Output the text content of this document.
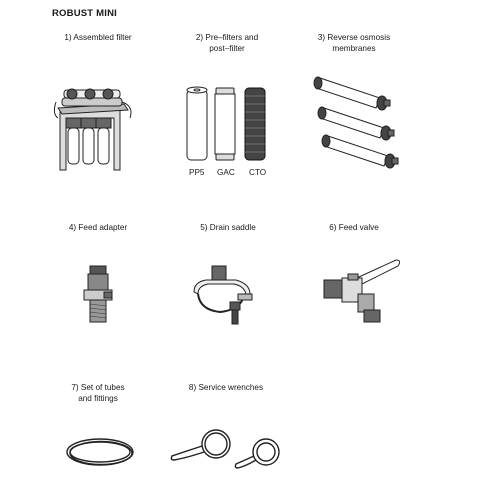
ROBUST MINI
1) Assembled filter	2) Pre–filters and
post–filter
3) Reverse osmosis
membranes
4) Feed adapter	5) Drain saddle	6) Feed valve
7) Set of tubes
and fittings
8) Service wrenches
PP5 GAC CTO
